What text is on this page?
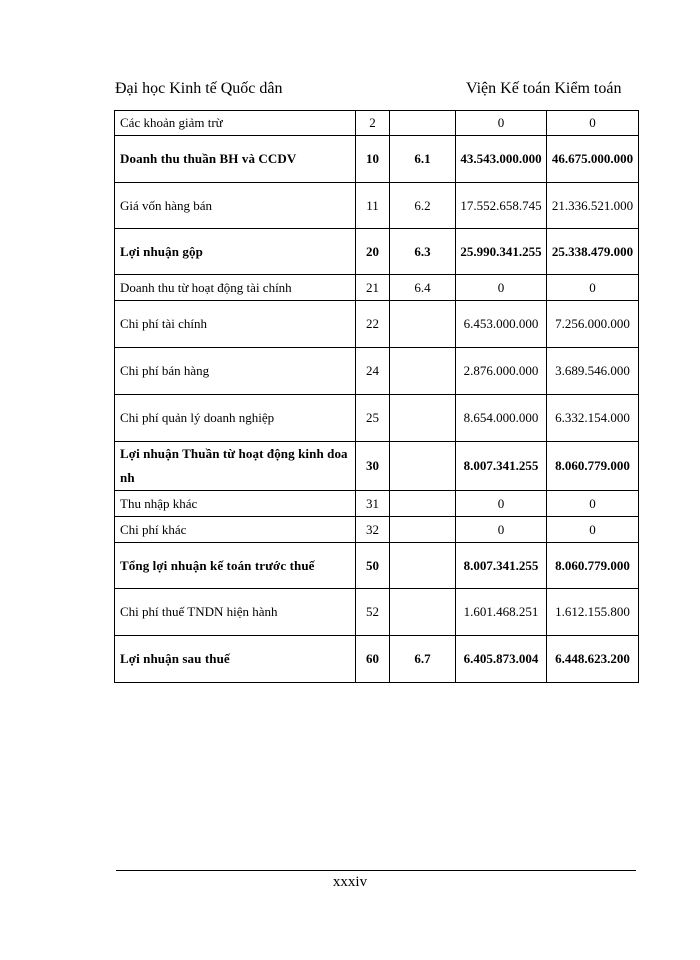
Đại học Kinh tế Quốc dân	Viện Kế toán Kiểm toán
Các khoản giảm trừ	2		0	0
Doanh thu thuần BH và CCDV	10	6.1	43.543.000.000	46.675.000.000
Giá vốn hàng bán	11	6.2	17.552.658.745	21.336.521.000
Lợi nhuận gộp	20	6.3	25.990.341.255	25.338.479.000
Doanh thu từ hoạt động tài chính	21	6.4	0	0
Chi phí tài chính	22		6.453.000.000	7.256.000.000
Chi phí bán hàng	24		2.876.000.000	3.689.546.000
Chi phí quản lý doanh nghiệp	25		8.654.000.000	6.332.154.000
Lợi nhuận Thuần từ hoạt động kinh doanh	30		8.007.341.255	8.060.779.000
Thu nhập khác	31		0	0
Chi phí khác	32		0	0
Tổng lợi nhuận kế toán trước thuế	50		8.007.341.255	8.060.779.000
Chi phí thuế TNDN hiện hành	52		1.601.468.251	1.612.155.800
Lợi nhuận sau thuế	60	6.7	6.405.873.004	6.448.623.200
xxxiv
